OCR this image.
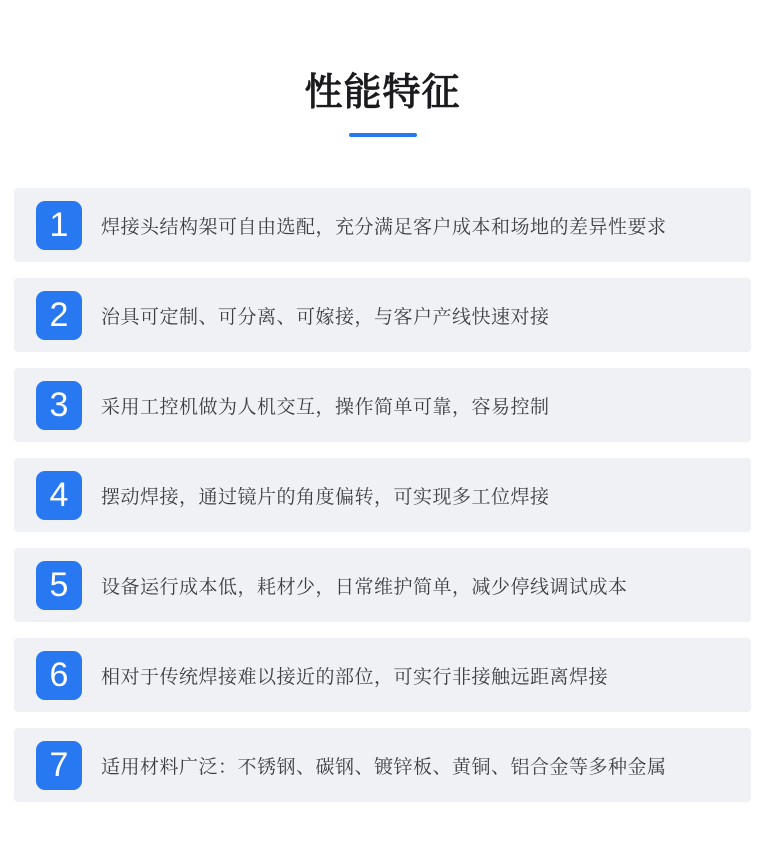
性能特征
1	焊接头结构架可自由选配，充分满足客户成本和场地的差异性要求
2	治具可定制、可分离、可嫁接，与客户产线快速对接
3	采用工控机做为人机交互，操作简单可靠，容易控制
4	摆动焊接，通过镜片的角度偏转，可实现多工位焊接
5	设备运行成本低，耗材少，日常维护简单，减少停线调试成本
6	相对于传统焊接难以接近的部位，可实行非接触远距离焊接
7	适用材料广泛：不锈钢、碳钢、镀锌板、黄铜、铝合金等多种金属
